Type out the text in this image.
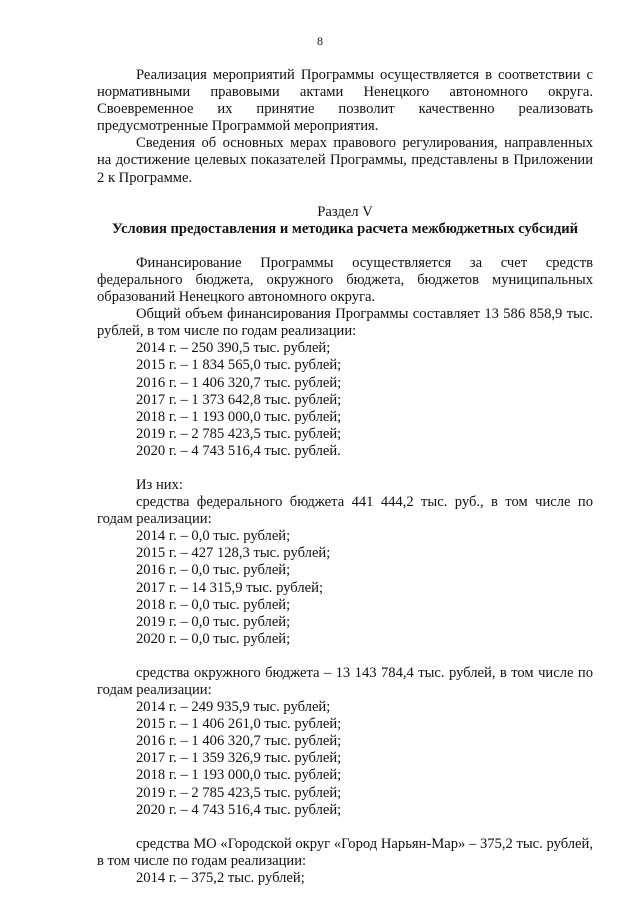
8

Реализация мероприятий Программы осуществляется в соответствии с нормативными правовыми актами Ненецкого автономного округа. Своевременное их принятие позволит качественно реализовать предусмотренные Программой мероприятия.

Сведения об основных мерах правового регулирования, направленных на достижение целевых показателей Программы, представлены в Приложении 2 к Программе.

Раздел V

Условия предоставления и методика расчета межбюджетных субсидий

Финансирование Программы осуществляется за счет средств федерального бюджета, окружного бюджета, бюджетов муниципальных образований Ненецкого автономного округа.

Общий объем финансирования Программы составляет 13 586 858,9 тыс. рублей, в том числе по годам реализации:

2014 г. – 250 390,5 тыс. рублей;

2015 г. – 1 834 565,0 тыс. рублей;

2016 г. – 1 406 320,7 тыс. рублей;

2017 г. – 1 373 642,8 тыс. рублей;

2018 г. – 1 193 000,0 тыс. рублей;

2019 г. – 2 785 423,5 тыс. рублей;

2020 г. – 4 743 516,4 тыс. рублей.

Из них:

средства федерального бюджета 441 444,2 тыс. руб., в том числе по годам реализации:

2014 г. – 0,0 тыс. рублей;

2015 г. – 427 128,3 тыс. рублей;

2016 г. – 0,0 тыс. рублей;

2017 г. – 14 315,9 тыс. рублей;

2018 г. – 0,0 тыс. рублей;

2019 г. – 0,0 тыс. рублей;

2020 г. – 0,0 тыс. рублей;

средства окружного бюджета – 13 143 784,4 тыс. рублей, в том числе по годам реализации:

2014 г. – 249 935,9 тыс. рублей;

2015 г. – 1 406 261,0 тыс. рублей;

2016 г. – 1 406 320,7 тыс. рублей;

2017 г. – 1 359 326,9 тыс. рублей;

2018 г. – 1 193 000,0 тыс. рублей;

2019 г. – 2 785 423,5 тыс. рублей;

2020 г. – 4 743 516,4 тыс. рублей;

средства МО «Городской округ «Город Нарьян-Мар» – 375,2 тыс. рублей, в том числе по годам реализации:

2014 г. – 375,2 тыс. рублей;
